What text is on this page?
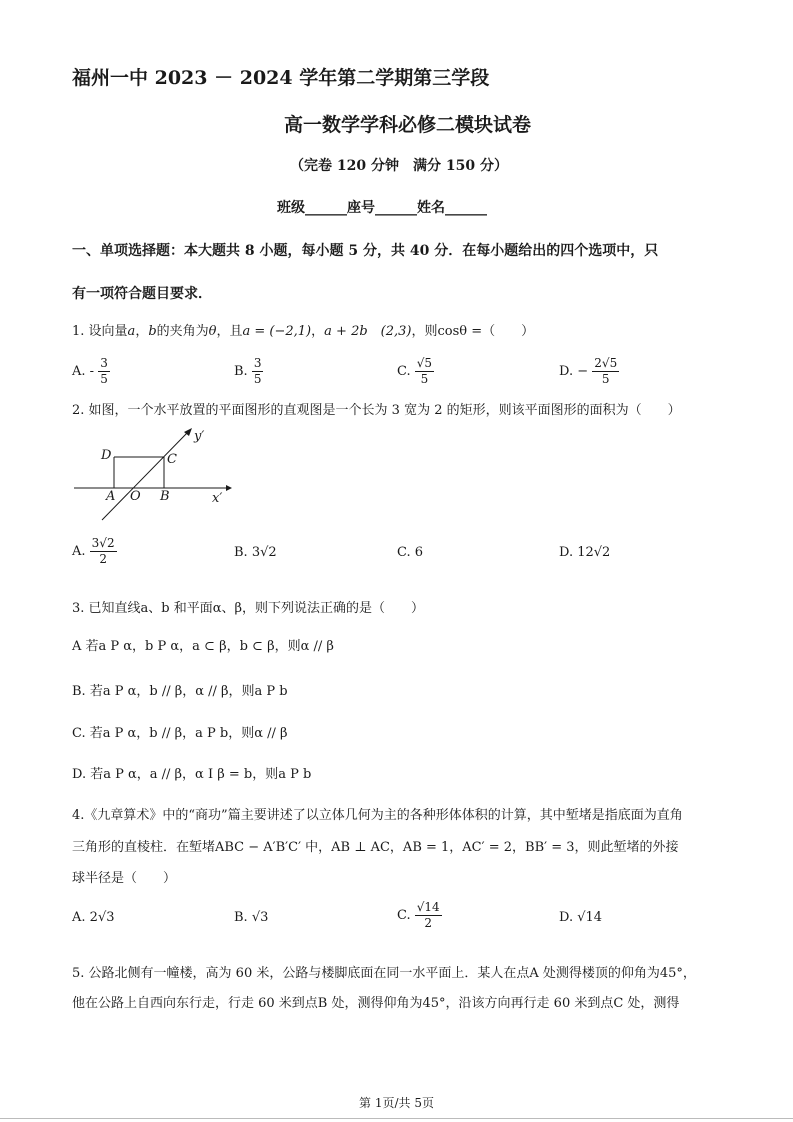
福州一中 2023 － 2024 学年第二学期第三学段
高一数学学科必修二模块试卷
（完卷 120 分钟　满分 150 分）
班级______座号______姓名______
一、单项选择题：本大题共 8 小题，每小题 5 分，共 40 分．在每小题给出的四个选项中，只
有一项符合题目要求．
1. 设向量a，b的夹角为θ，且a = (−2,1)，a + 2b　(2,3)，则cosθ =（　　）
A. - $\frac{3}{5}$	B. $\frac{3}{5}$	C. $\frac{√5}{5}$	D. − $\frac{2√5}{5}$
2. 如图，一个水平放置的平面图形的直观图是一个长为 3 宽为 2 的矩形，则该平面图形的面积为（　　）
D	C
A O B	x′
y′
A. $\frac{3√2}{2}$	B. 3√2	C. 6	D. 12√2
3. 已知直线a、b 和平面α、β，则下列说法正确的是（　　）
A 若a P α，b P α，a ⊂ β，b ⊂ β，则α // β
B. 若a P α，b // β，α // β，则a P b
C. 若a P α，b // β，a P b，则α // β
D. 若a P α，a // β，α I β = b，则a P b
4.《九章算术》中的“商功”篇主要讲述了以立体几何为主的各种形体体积的计算，其中堑堵是指底面为直角
三角形的直棱柱．在堑堵ABC − A′B′C′ 中，AB ⊥ AC，AB = 1，AC′ = 2，BB′ = 3，则此堑堵的外接
球半径是（　　）
A. 2√3	B. √3	C. $\frac{√14}{2}$	D. √14
5. 公路北侧有一幢楼，高为 60 米，公路与楼脚底面在同一水平面上．某人在点A 处测得楼顶的仰角为45°，
他在公路上自西向东行走，行走 60 米到点B 处，测得仰角为45°，沿该方向再行走 60 米到点C 处，测得
第 1页/共 5页
